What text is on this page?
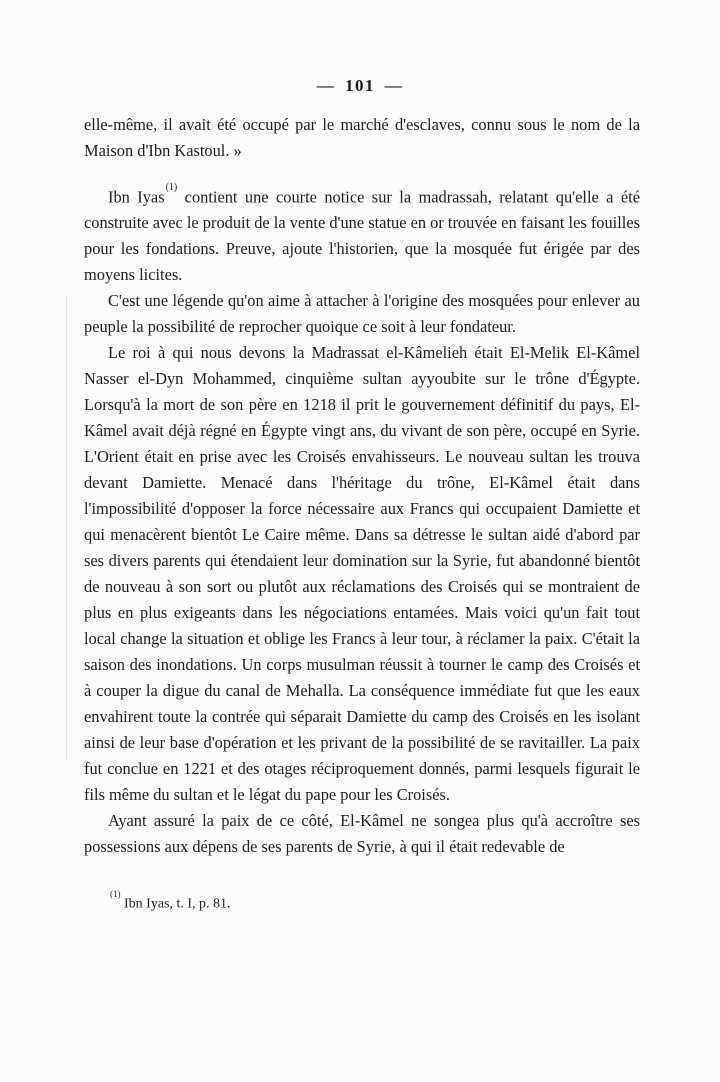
— 101 —

elle-même, il avait été occupé par le marché d'esclaves, connu sous le nom de la Maison d'Ibn Kastoul. »

Ibn Iyas$^{(1)}$ contient une courte notice sur la madrassah, relatant qu'elle a été construite avec le produit de la vente d'une statue en or trouvée en faisant les fouilles pour les fondations. Preuve, ajoute l'historien, que la mosquée fut érigée par des moyens licites.

C'est une légende qu'on aime à attacher à l'origine des mosquées pour enlever au peuple la possibilité de reprocher quoique ce soit à leur fondateur.

Le roi à qui nous devons la Madrassat el-Kâmelieh était El-Melik El-Kâmel Nasser el-Dyn Mohammed, cinquième sultan ayyoubite sur le trône d'Égypte. Lorsqu'à la mort de son père en 1218 il prit le gouvernement définitif du pays, El-Kâmel avait déjà régné en Égypte vingt ans, du vivant de son père, occupé en Syrie. L'Orient était en prise avec les Croisés envahisseurs. Le nouveau sultan les trouva devant Damiette. Menacé dans l'héritage du trône, El-Kâmel était dans l'impossibilité d'opposer la force nécessaire aux Francs qui occupaient Damiette et qui menacèrent bientôt Le Caire même. Dans sa détresse le sultan aidé d'abord par ses divers parents qui étendaient leur domination sur la Syrie, fut abandonné bientôt de nouveau à son sort ou plutôt aux réclamations des Croisés qui se montraient de plus en plus exigeants dans les négociations entamées. Mais voici qu'un fait tout local change la situation et oblige les Francs à leur tour, à réclamer la paix. C'était la saison des inondations. Un corps musulman réussit à tourner le camp des Croisés et à couper la digue du canal de Mehalla. La conséquence immédiate fut que les eaux envahirent toute la contrée qui séparait Damiette du camp des Croisés en les isolant ainsi de leur base d'opération et les privant de la possibilité de se ravitailler. La paix fut conclue en 1221 et des otages réciproquement donnés, parmi lesquels figurait le fils même du sultan et le légat du pape pour les Croisés.

Ayant assuré la paix de ce côté, El-Kâmel ne songea plus qu'à accroître ses possessions aux dépens de ses parents de Syrie, à qui il était redevable de

$^{(1)}$ Ibn Iyas, t. I, p. 81.
